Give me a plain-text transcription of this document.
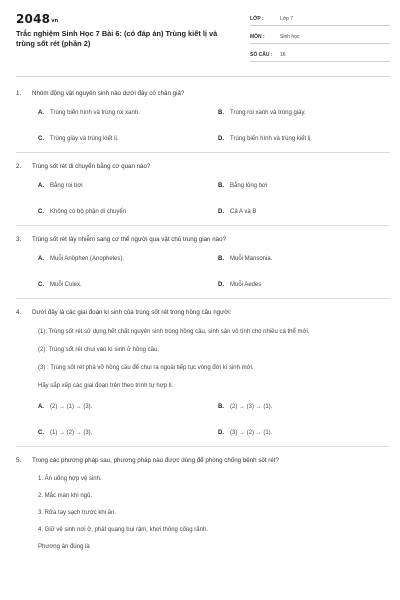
$2048^{vn}$
Trắc nghiệm Sinh Học 7 Bài 6: (có đáp án) Trùng kiết lị và trùng sốt rét (phần 2)
LỚP :	Lớp 7
MÔN :	Sinh học
SỐ CÂU :	16
1.	Nhóm động vật nguyên sinh nào dưới đây có chân giả?
A.	Trùng biến hình và trùng roi xanh.	B.	Trùng roi xanh và trùng giày.
C.	Trùng giày và trùng kiết lị.	D.	Trùng biến hình và trùng kiết lị
2.	Trùng sốt rét di chuyển bằng cơ quan nào?
A.	Bằng roi bơi	B.	Bằng lông bơi
C.	Không có bộ phận di chuyển	D.	Cả A và B
3.	Trùng sốt rét lây nhiễm sang cơ thể người qua vật chủ trung gian nào?
A.	Muỗi Anôphen (Anopheles).	B.	Muỗi Mansonia.
C.	Muỗi Culex.	D.	Muỗi Aedes
4.	Dưới đây là các giai đoạn kí sinh của trùng sốt rét trong hồng cầu người:
(1): Trùng sốt rét sử dụng hết chất nguyên sinh trong hồng cầu, sinh sản vô tính cho nhiều cá thể mới.
(2): Trùng sốt rét chui vào kí sinh ở hồng cầu.
(3) : Trùng sốt rét phá vỡ hồng cầu để chui ra ngoài tiếp tục vòng đời kí sinh mới.
Hãy sắp xếp các giai đoạn trên theo trình tự hợp lí.
A.	(2) → (1) → (3).	B.	(2) → (3) → (1).
C.	(1) → (2) → (3).	D.	(3) → (2) → (1).
5.	Trong các phương pháp sau, phương pháp nào được dùng để phòng chống bệnh sốt rét?
1. Ăn uống hợp vệ sinh.
2. Mắc màn khi ngủ.
3. Rửa tay sạch trước khi ăn.
4. Giữ vệ sinh nơi ở, phát quang bụi rậm, khơi thông cống rãnh.
Phương án đúng là
